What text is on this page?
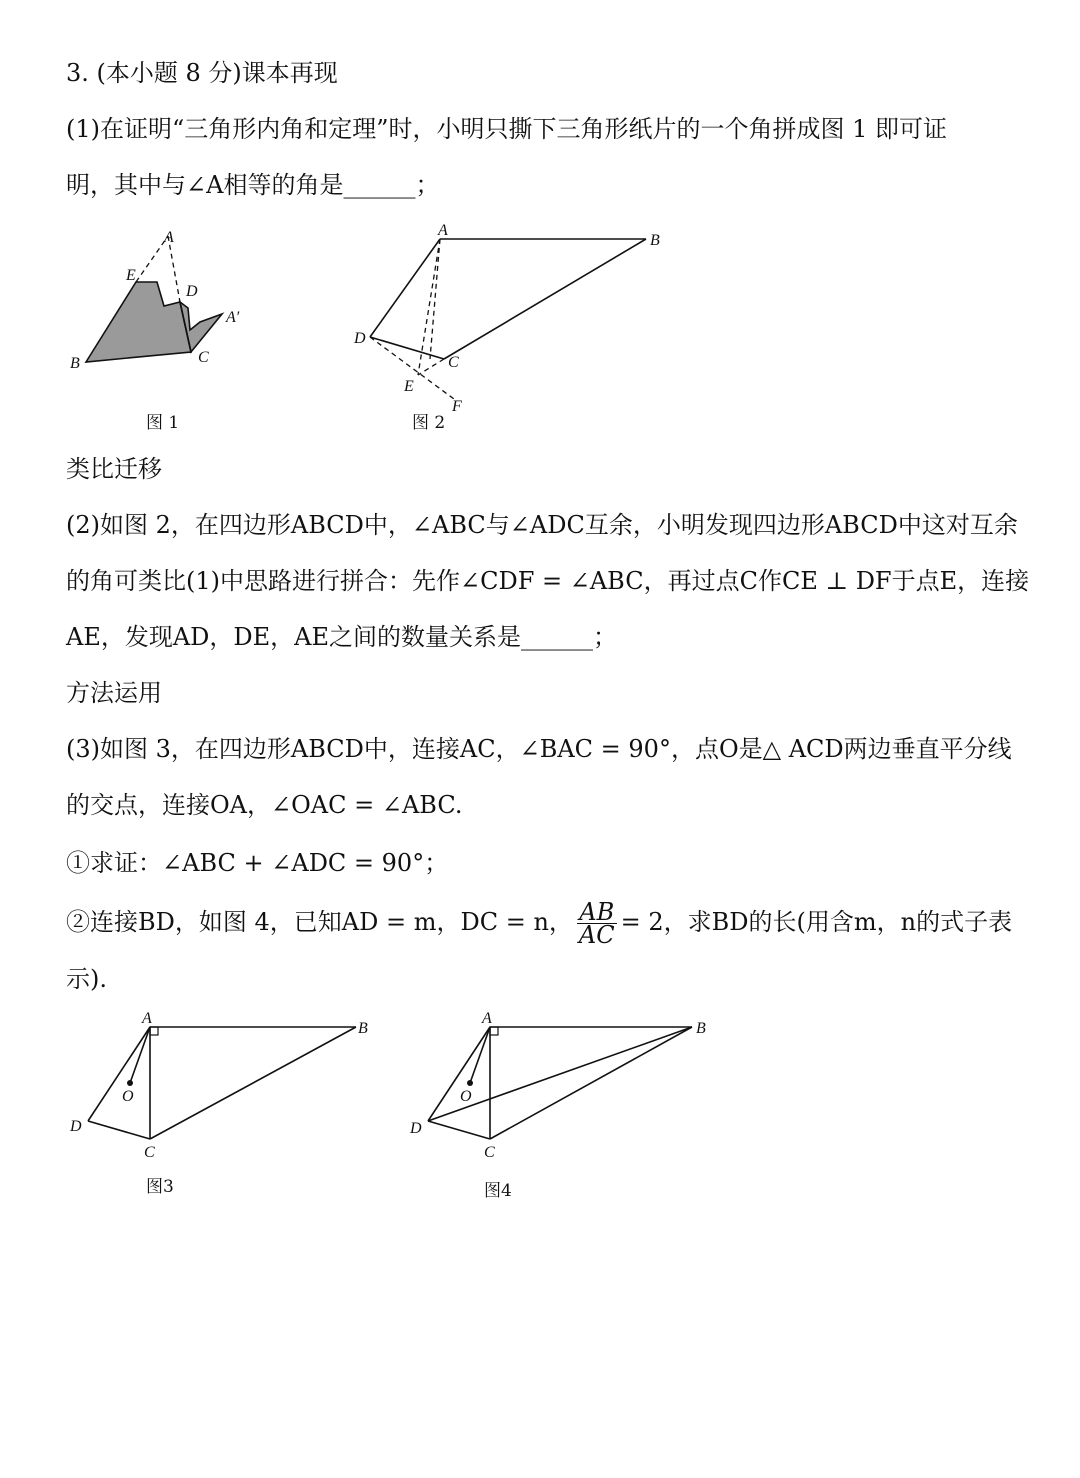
3. (本小题 8 分)课本再现
(1)在证明“三角形内角和定理”时，小明只撕下三角形纸片的一个角拼成图 1 即可证
明，其中与∠A相等的角是______；
A
E
D
A′
B	C
图 1
A
B
D
C
E
F
图 2
类比迁移
(2)如图 2，在四边形ABCD中，∠ABC与∠ADC互余，小明发现四边形ABCD中这对互余
的角可类比(1)中思路进行拼合：先作∠CDF = ∠ABC，再过点C作CE ⊥ DF于点E，连接
AE，发现AD，DE，AE之间的数量关系是______；
方法运用
(3)如图 3，在四边形ABCD中，连接AC，∠BAC = 90°，点O是△ ACD两边垂直平分线
的交点，连接OA，∠OAC = ∠ABC.
①求证：∠ABC + ∠ADC = 90°；
②连接BD，如图 4，已知AD = m，DC = n， $\frac{AB}{AC} = 2$，求BD的长(用含m，n的式子表
示).
A
B
O
D
C
图3
A
B
O
D
C
图4
